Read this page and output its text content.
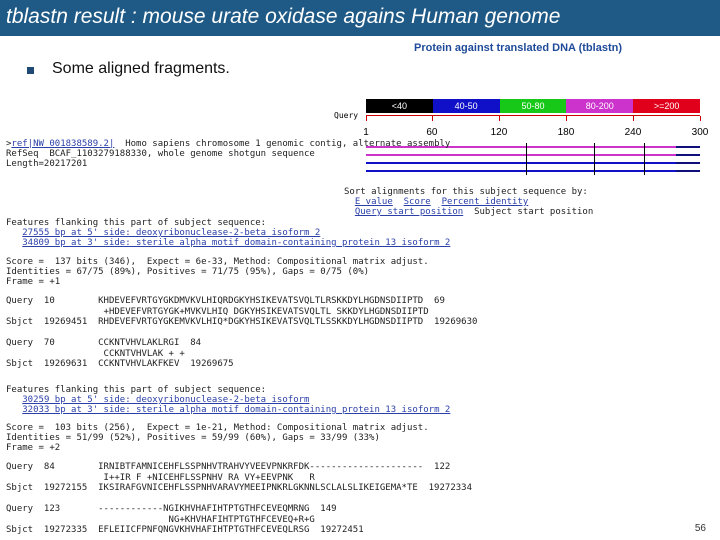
tblastn result : mouse urate oxidase agains Human genome
Some aligned fragments.
Protein against translated DNA (tblastn)
Query
<40	40-50	50-80	80-200	>=200
1	60	120	180	240	300
>ref|NW_001838589.2|  Homo sapiens chromosome 1 genomic contig, alternate assembly
RefSeq  BCAF_1103279188330, whole genome shotgun sequence
Length=20217201
Sort alignments for this subject sequence by:
E value Score Percent identity
Query start position Subject start position
Features flanking this part of subject sequence:
27555 bp at 5' side: deoxyribonuclease-2-beta isoform 2
34809 bp at 3' side: sterile alpha motif domain-containing protein 13 isoform 2
Score =  137 bits (346),  Expect = 6e-33, Method: Compositional matrix adjust.
Identities = 67/75 (89%), Positives = 71/75 (95%), Gaps = 0/75 (0%)
Frame = +1
Query  10        KHDEVEFVRTGYGKDMVKVLHIQRDGKYHSIKEVATSVQLTLRSKKDYLHGDNSDIIPTD  69
+HDEVEFVRTGYGK+MVKVLHIQ DGKYHSIKEVATSVQLTL SKKDYLHGDNSDIIPTD
Sbjct  19269451  RHDEVEFVRTGYGKEMVKVLHIQ*DGKYHSIKEVATSVQLTLSSKKDYLHGDNSDIIPTD  19269630

Query  70        CCKNTVHVLAKLRGI  84
CCKNTVHVLAK + +
Sbjct  19269631  CCKNTVHVLAKFKEV  19269675
Features flanking this part of subject sequence:
30259 bp at 5' side: deoxyribonuclease-2-beta isoform
32033 bp at 3' side: sterile alpha motif domain-containing protein 13 isoform 2
Score =  103 bits (256),  Expect = 1e-21, Method: Compositional matrix adjust.
Identities = 51/99 (52%), Positives = 59/99 (60%), Gaps = 33/99 (33%)
Frame = +2
Query  84        IRNIBTFAMNICEHFLSSPNHVTRAHVYVEEVPNKRFDK---------------------  122
I++IR F +NICEHFLSSPNHV RA VY+EEVPNK   R
Sbjct  19272155  IKSIRAFGVNICEHFLSSPNHVARAVYMEEIPNKRLGKNNLSCLALSLIKEIGEMA*TE  19272334

Query  123       ------------NGIKHVHAFIHTPTGTHFCEVEQMRNG  149
NG+KHVHAFIHTPTGTHFCEVEQ+R+G
Sbjct  19272335  EFLEIICFPNFQNGVKHVHAFIHTPTGTHFCEVEQLRSG  19272451	56
